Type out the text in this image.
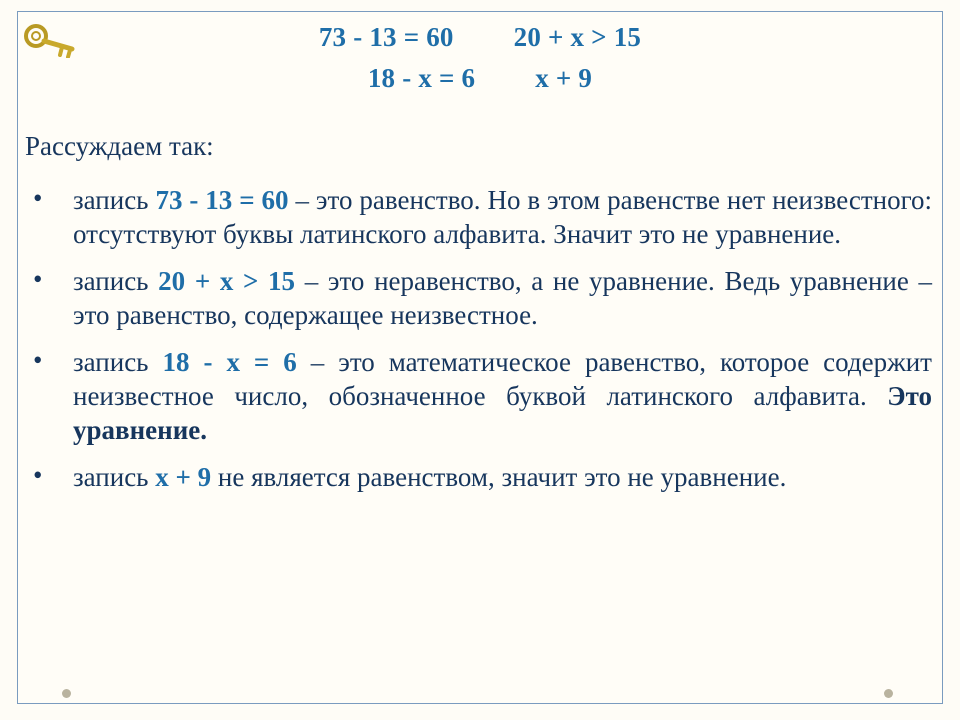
73 - 13 = 60 20 + x > 15
18 - x = 6 x + 9
Рассуждаем так:
• запись 73 - 13 = 60 – это равенство. Но в этом равенстве нет неизвестного: отсутствуют буквы латинского алфавита. Значит это не уравнение.
• запись 20 + x > 15 – это неравенство, а не уравнение. Ведь уравнение – это равенство, содержащее неизвестное.
• запись 18 - x = 6 – это математическое равенство, которое содержит неизвестное число, обозначенное буквой латинского алфавита. Это уравнение.
• запись x + 9 не является равенством, значит это не уравнение.
